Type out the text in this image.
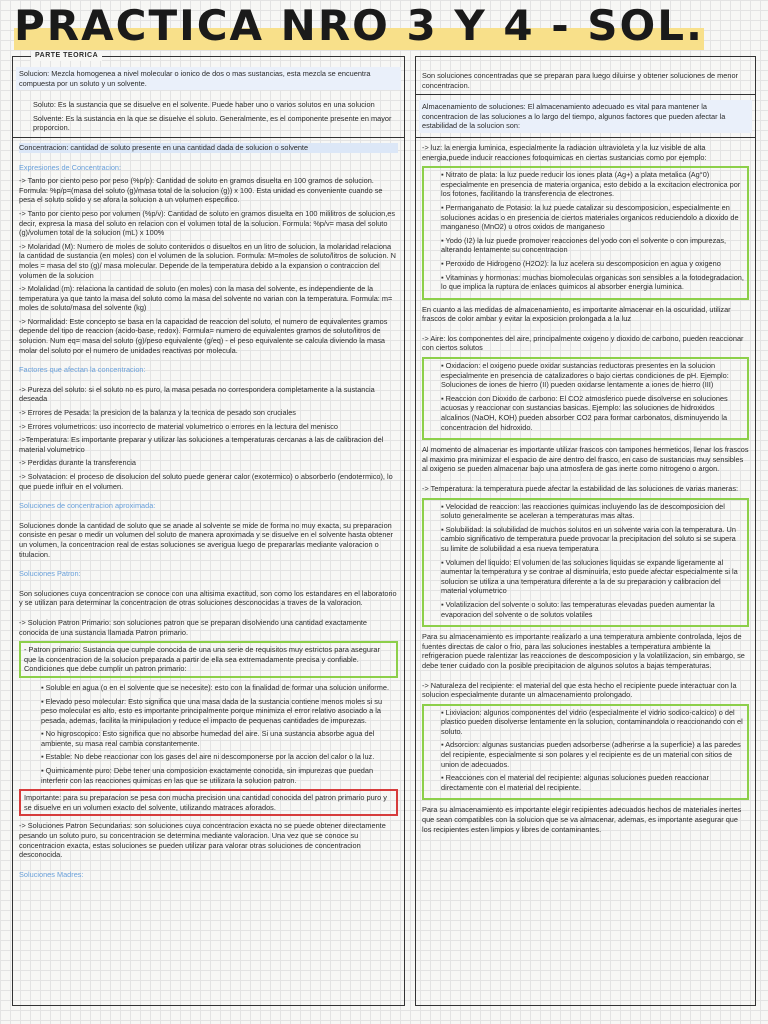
PRACTICA NRO 3 Y 4 - SOL.
PARTE TEORICA

Solucion: Mezcla homogenea a nivel molecular o ionico de dos o mas sustancias, esta mezcla se encuentra compuesta por un soluto y un solvente.

Soluto: Es la sustancia que se disuelve en el solvente. Puede haber uno o varios solutos en una solucion

Solvente: Es la sustancia en la que se disuelve el soluto. Generalmente, es el componente presente en mayor proporcion.

Concentracion: cantidad de soluto presente en una cantidad dada de solucion o solvente

Expresiones de Concentracion:

-> Tanto por ciento peso por peso (%p/p): Cantidad de soluto en gramos disuelta en 100 gramos de solucion. Formula: %p/p=(masa del soluto (g)/masa total de la solucion (g)) x 100. Esta unidad es conveniente cuando se pesa el soluto solido y se afora la solucion a un volumen especifico.

-> Tanto por ciento peso por volumen (%p/v): Cantidad de soluto en gramos disuelta en 100 mililitros de solucion,es decir, expresa la masa del soluto en relacion con el volumen total de la solucion. Formula: %p/v= masa del soluto (g)/volumen total de la solucion (mL) x 100%

-> Molaridad (M): Numero de moles de soluto contenidos o disueltos en un litro de solucion, la molaridad relaciona la cantidad de sustancia (en moles) con el volumen de la solucion. Formula: M=moles de soluto/litros de solucion. N moles = masa del sto (g)/ masa molecular. Depende de la temperatura debido a la expansion o contraccion del volumen de la solucion

-> Molalidad (m): relaciona la cantidad de soluto (en moles) con la masa del solvente, es independiente de la temperatura ya que tanto la masa del soluto como la masa del solvente no varian con la temperatura. Formula: m= moles de soluto/masa del solvente (kg)

-> Normalidad: Este concepto se basa en la capacidad de reaccion del soluto, el numero de equivalentes gramos depende del tipo de reaccion (acido-base, redox). Formula= numero de equivalentes gramos de soluto/litros de solucion. Num eq= masa del soluto (g)/peso equivalente (g/eq) - el peso equivalente se calcula diviendo la masa molar del soluto por el numero de unidades reactivas por molecula.

Factores que afectan la concentracion:

-> Pureza del soluto: si el soluto no es puro, la masa pesada no correspondera completamente a la sustancia deseada

-> Errores de Pesada: la presicion de la balanza y la tecnica de pesado son cruciales

-> Errores volumetricos: uso incorrecto de material volumetrico o errores en la lectura del menisco

->Temperatura: Es importante preparar y utilizar las soluciones a temperaturas cercanas a las de calibracion del material volumetrico

-> Perdidas durante la transferencia

-> Solvatacion: el proceso de disolucion del soluto puede generar calor (exotermico) o absorberlo (endotermico), lo que puede influir en el volumen.

Soluciones de concentracion aproximada:

Soluciones donde la cantidad de soluto que se anade al solvente se mide de forma no muy exacta, su preparacion consiste en pesar o medir un volumen del soluto de manera aproximada y se disuelve en el solvente hasta obtener un volumen, la concentracion real de estas soluciones se averigua luego de prepararlas mediante valoracion o titulacion.

Soluciones Patron:

Son soluciones cuya concentracion se conoce con una altisima exactitud, son como los estandares en el laboratorio y se utilizan para determinar la concentracion de otras soluciones desconocidas a traves de la valoracion.

-> Solucion Patron Primario: son soluciones patron que se preparan disolviendo una cantidad exactamente conocida de una sustancia llamada Patron primario.

- Patron primario: Sustancia que cumple conocida de una una serie de requisitos muy estrictos para asegurar que la concentracion de la solucion preparada a partir de ella sea extremadamente precisa y confiable. Condiciones que debe cumplir un patron primario:

▪ Soluble en agua (o en el solvente que se necesite): esto con la finalidad de formar una solucion uniforme.

▪ Elevado peso molecular: Esto significa que una masa dada de la sustancia contiene menos moles si su peso molecular es alto, esto es importante principalmente porque minimiza el error relativo asociado a la pesada, ademas, facilita la minipulacion y reduce el impacto de pequenas cantidades de impurezas.

▪ No higroscopico: Esto significa que no absorbe humedad del aire. Si una sustancia absorbe agua del ambiente, su masa real cambia constantemente.

▪ Estable: No debe reaccionar con los gases del aire ni descomponerse por la accion del calor o la luz.

▪ Quimicamente puro: Debe tener una composicion exactamente conocida, sin impurezas que puedan interferir con las reacciones quimicas en las que se utilizara la solucion patron.

Importante: para su preparacion se pesa con mucha precision una cantidad conocida del patron primario puro y se disuelve en un volumen exacto del solvente, utilizando matraces aforados.

-> Soluciones Patron Secundarias: son soluciones cuya concentracion exacta no se puede obtener directamente pesando un soluto puro, su concentracion se determina mediante valoracion. Una vez que se conoce su concentracion exacta, estas soluciones se pueden utilizar para valorar otras soluciones de concentracion desconocida.

Soluciones Madres:

Son soluciones concentradas que se preparan para luego diluirse y obtener soluciones de menor concentracion.

Almacenamiento de soluciones: El almacenamiento adecuado es vital para mantener la concentracion de las soluciones a lo largo del tiempo, algunos factores que pueden afectar la estabilidad de la solucion son:

-> luz: la energia luminica, especialmente la radiacion ultravioleta y la luz visible de alta energia,puede inducir reacciones fotoquimicas en ciertas sustancias como por ejemplo:

▪ Nitrato de plata: la luz puede reducir los iones plata (Ag+) a plata metalica (Ag°0) especialmente en presencia de materia organica, esto debido a la excitacion electronica por los fotones, facilitando la transferencia de electrones.

▪ Permanganato de Potasio: la luz puede catalizar su descomposicion, especialmente en soluciones acidas o en presencia de ciertos materiales organicos reduciendolo a dioxido de manganeso (MnO2) u otros oxidos de manganeso

▪ Yodo (I2) la luz puede promover reacciones del yodo con el solvente o con impurezas, alterando lentamente su concentracion

▪ Peroxido de Hidrogeno (H2O2): la luz acelera su descomposicion en agua y oxigeno

▪ Vitaminas y hormonas: muchas biomoleculas organicas son sensibles a la fotodegradacion, lo que implica la ruptura de enlaces quimicos al absorber energia luminica.

En cuanto a las medidas de almacenamiento, es importante almacenar en la oscuridad, utilizar frascos de color ambar y evitar la exposicion prolongada a la luz

-> Aire: los componentes del aire, principalmente oxigeno y dioxido de carbono, pueden reaccionar con ciertos solutos

▪ Oxidacion: el oxigeno puede oxidar sustancias reductoras presentes en la solucion especialmente en presencia de catalizadores o bajo ciertas condiciones de pH. Ejemplo: Soluciones de iones de hierro (II) pueden oxidarse lentamente a iones de hierro (III)

▪ Reaccion con Dioxido de carbono: El CO2 atmosferico puede disolverse en soluciones acuosas y reaccionar con sustancias basicas. Ejemplo: las soluciones de hidroxidos alcalinos (NaOH, KOH) pueden absorber CO2 para formar carbonatos, disminuyendo la concentracion del hidroxido.

Al momento de almacenar es importante utilizar frascos con tampones hermeticos, llenar los frascos al maximo pra minimizar el espacio de aire dentro del frasco, en caso de sustancias muy sensibles al oxigeno se pueden almacenar bajo una atmosfera de gas inerte como nitrogeno o argon.

-> Temperatura: la temperatura puede afectar la estabilidad de las soluciones de varias maneras:

▪ Velocidad de reaccion: las reacciones quimicas incluyendo las de descomposicion del soluto generalmente se aceleran a temperaturas mas altas.

▪ Solubilidad: la solubilidad de muchos solutos en un solvente varia con la temperatura. Un cambio significativo de temperatura puede provocar la precipitacion del soluto si se supera su limite de solubilidad a esa nueva temperatura

▪ Volumen del liquido: El volumen de las soluciones liquidas se expande ligeramente al aumentar la temperatura y se contrae al disminuirla, esto puede afectar especialmente si la solucion se utiliza a una temperatura diferente a la de su preparacion y calibracion del material volumetrico

▪ Volatilizacion del solvente o soluto: las temperaturas elevadas pueden aumentar la evaporacion del solvente o de solutos volatiles

Para su almacenamiento es importante realizarlo a una temperatura ambiente controlada, lejos de fuentes directas de calor o frio, para las soluciones inestables a temperatura ambiente la refrigeracion puede ralentizar las reacciones de descomposicion y la volatilizacion, sin embargo, se debe tener cuidado con la posible precipitacion de algunos solutos a bajas temperaturas.

-> Naturaleza del recipiente: el material del que esta hecho el recipiente puede interactuar con la solucion especialmente durante un almacenamiento prolongado.

▪ Lixiviacion: algunos componentes del vidrio (especialmente el vidrio sodico-calcico) o del plastico pueden disolverse lentamente en la solucion, contaminandola o reaccionando con el soluto.

▪ Adsorcion: algunas sustancias pueden adsorberse (adherirse a la superficie) a las paredes del recipiente, especialmente si son polares y el recipiente es de un material con sitios de union de adecuados.

▪ Reacciones con el material del recipiente: algunas soluciones pueden reaccionar directamente con el material del recipiente.

Para su almacenamiento es importante elegir recipientes adecuados hechos de materiales inertes que sean compatibles con la solucion que se va almacenar, ademas, es importante asegurar que los recipientes esten limpios y libres de contaminantes.
